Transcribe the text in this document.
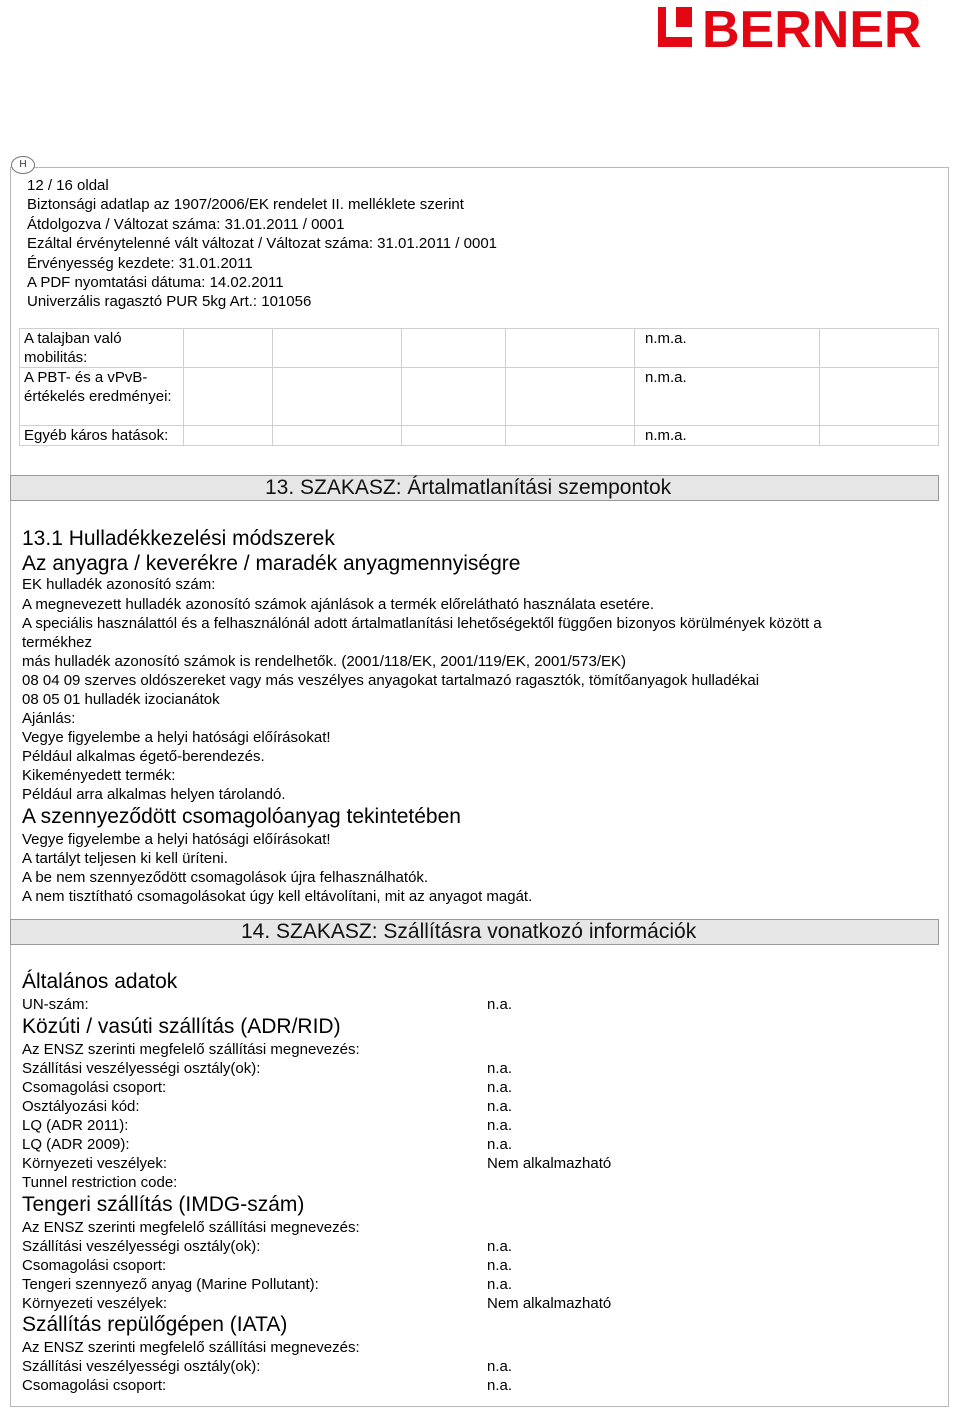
BERNER
H
12 / 16 oldal
Biztonsági adatlap az 1907/2006/EK rendelet II. melléklete szerint
Átdolgozva / Változat száma: 31.01.2011 / 0001
Ezáltal érvénytelenné vált változat / Változat száma: 31.01.2011 / 0001
Érvényesség kezdete: 31.01.2011
A PDF nyomtatási dátuma: 14.02.2011
Univerzális ragasztó PUR 5kg Art.: 101056
A talajban való mobilitás:					n.m.a.	
A PBT- és a vPvB-értékelés eredményei:					n.m.a.	
Egyéb káros hatások:					n.m.a.	
13. SZAKASZ: Ártalmatlanítási szempontok
13.1 Hulladékkezelési módszerek
Az anyagra / keverékre / maradék anyagmennyiségre
EK hulladék azonosító szám:
A megnevezett hulladék azonosító számok ajánlások a termék előrelátható használata esetére.
A speciális használattól és a felhasználónál adott ártalmatlanítási lehetőségektől függően bizonyos körülmények között a
termékhez
más hulladék azonosító számok is rendelhetők. (2001/118/EK, 2001/119/EK, 2001/573/EK)
08 04 09 szerves oldószereket vagy más veszélyes anyagokat tartalmazó ragasztók, tömítőanyagok hulladékai
08 05 01 hulladék izocianátok
Ajánlás:
Vegye figyelembe a helyi hatósági előírásokat!
Például alkalmas égető-berendezés.
Kikeményedett termék:
Például arra alkalmas helyen tárolandó.
A szennyeződött csomagolóanyag tekintetében
Vegye figyelembe a helyi hatósági előírásokat!
A tartályt teljesen ki kell üríteni.
A be nem szennyeződött csomagolások újra felhasználhatók.
A nem tisztítható csomagolásokat úgy kell eltávolítani, mit az anyagot magát.
14. SZAKASZ: Szállításra vonatkozó információk
Általános adatok
UN-szám:	n.a.
Közúti / vasúti szállítás (ADR/RID)
Az ENSZ szerinti megfelelő szállítási megnevezés:
Szállítási veszélyességi osztály(ok):	n.a.
Csomagolási csoport:	n.a.
Osztályozási kód:	n.a.
LQ (ADR 2011):	n.a.
LQ (ADR 2009):	n.a.
Környezeti veszélyek:	Nem alkalmazható
Tunnel restriction code:
Tengeri szállítás (IMDG-szám)
Az ENSZ szerinti megfelelő szállítási megnevezés:
Szállítási veszélyességi osztály(ok):	n.a.
Csomagolási csoport:	n.a.
Tengeri szennyező anyag (Marine Pollutant):	n.a.
Környezeti veszélyek:	Nem alkalmazható
Szállítás repülőgépen (IATA)
Az ENSZ szerinti megfelelő szállítási megnevezés:
Szállítási veszélyességi osztály(ok):	n.a.
Csomagolási csoport:	n.a.
